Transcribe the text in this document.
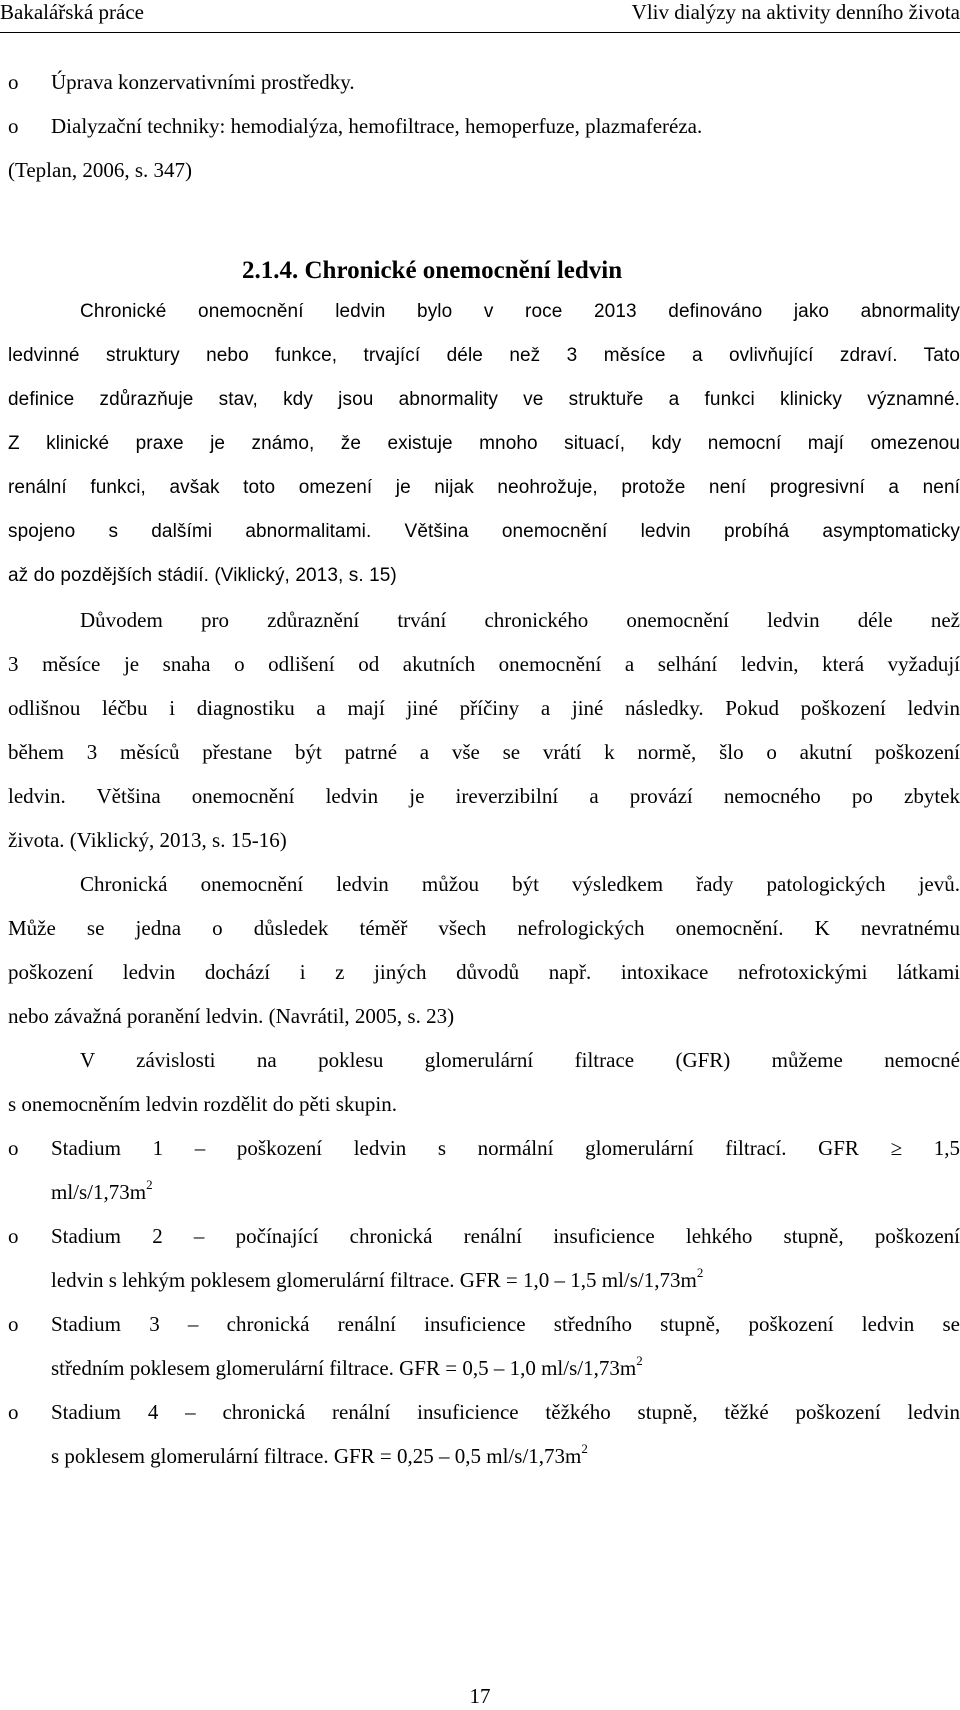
Bakalářská práce	Vliv dialýzy na aktivity denního života
o Úprava konzervativními prostředky.
o Dialyzační techniky: hemodialýza, hemofiltrace, hemoperfuze, plazmaferéza.
(Teplan, 2006, s. 347)
2.1.4. Chronické onemocnění ledvin
Chronické onemocnění ledvin bylo v roce 2013 definováno jako abnormality
ledvinné struktury nebo funkce, trvající déle než 3 měsíce a ovlivňující zdraví. Tato
definice zdůrazňuje stav, kdy jsou abnormality ve struktuře a funkci klinicky významné.
Z klinické praxe je známo, že existuje mnoho situací, kdy nemocní mají omezenou
renální funkci, avšak toto omezení je nijak neohrožuje, protože není progresivní a není
spojeno s dalšími abnormalitami. Většina onemocnění ledvin probíhá asymptomaticky
až do pozdějších stádií. (Viklický, 2013, s. 15)
Důvodem pro zdůraznění trvání chronického onemocnění ledvin déle než
3 měsíce je snaha o odlišení od akutních onemocnění a selhání ledvin, která vyžadují
odlišnou léčbu i diagnostiku a mají jiné příčiny a jiné následky. Pokud poškození ledvin
během 3 měsíců přestane být patrné a vše se vrátí k normě, šlo o akutní poškození
ledvin. Většina onemocnění ledvin je ireverzibilní a provází nemocného po zbytek
života. (Viklický, 2013, s. 15-16)
Chronická onemocnění ledvin můžou být výsledkem řady patologických jevů.
Může se jedna o důsledek téměř všech nefrologických onemocnění. K nevratnému
poškození ledvin dochází i z jiných důvodů např. intoxikace nefrotoxickými látkami
nebo závažná poranění ledvin. (Navrátil, 2005, s. 23)
V závislosti na poklesu glomerulární filtrace (GFR) můžeme nemocné
s onemocněním ledvin rozdělit do pěti skupin.
o Stadium 1 – poškození ledvin s normální glomerulární filtrací. GFR ≥ 1,5
$ml/s/1,73m^2$
o Stadium 2 – počínající chronická renální insuficience lehkého stupně, poškození
ledvin s lehkým poklesem glomerulární filtrace. GFR = 1,0 – 1,5 $ml/s/1,73m^2$
o Stadium 3 – chronická renální insuficience středního stupně, poškození ledvin se
středním poklesem glomerulární filtrace. GFR = 0,5 – 1,0 $ml/s/1,73m^2$
o Stadium 4 – chronická renální insuficience těžkého stupně, těžké poškození ledvin
s poklesem glomerulární filtrace. GFR = 0,25 – 0,5 $ml/s/1,73m^2$
17
